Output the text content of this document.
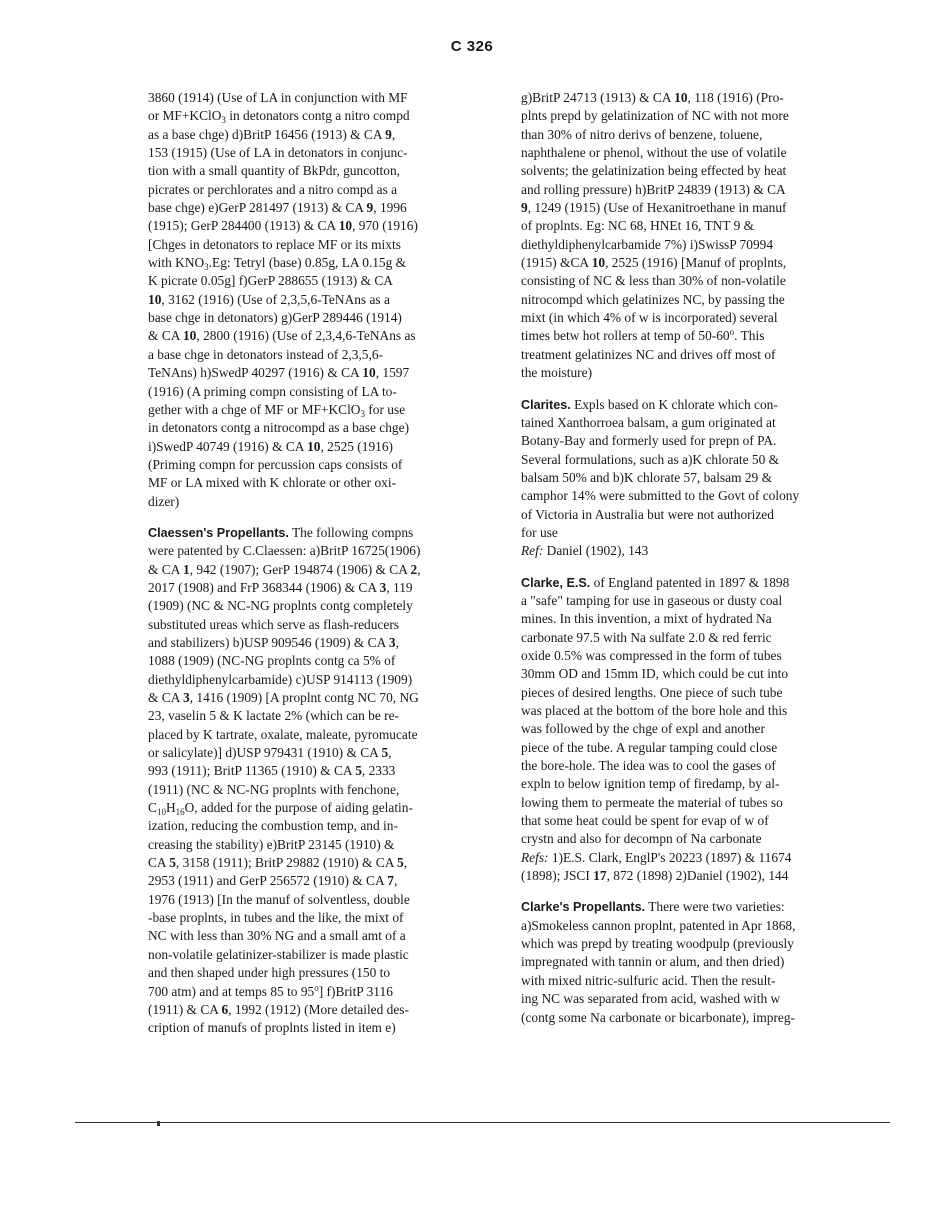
C 326
3860 (1914) (Use of LA in conjunction with MF
or MF+KClO$_3$ in detonators contg a nitro compd
as a base chge) d)BritP 16456 (1913) & CA 9,
153 (1915) (Use of LA in detonators in conjunc-
tion with a small quantity of BkPdr, guncotton,
picrates or perchlorates and a nitro compd as a
base chge) e)GerP 281497 (1913) & CA 9, 1996
(1915); GerP 284400 (1913) & CA 10, 970 (1916)
[Chges in detonators to replace MF or its mixts
with $KNO_3.Eg$: Tetryl (base) 0.85g, LA 0.15g &
K picrate 0.05g] f)GerP 288655 (1913) & CA
10, 3162 (1916) (Use of 2,3,5,6-TeNAns as a
base chge in detonators) g)GerP 289446 (1914)
& CA 10, 2800 (1916) (Use of 2,3,4,6-TeNAns as
a base chge in detonators instead of 2,3,5,6-
TeNAns) h)SwedP 40297 (1916) & CA 10, 1597
(1916) (A priming compn consisting of LA to-
gether with a chge of MF or MF+KClO$_3$ for use
in detonators contg a nitrocompd as a base chge)
i)SwedP 40749 (1916) & CA 10, 2525 (1916)
(Priming compn for percussion caps consists of
MF or LA mixed with K chlorate or other oxi-
dizer)
Claessen's Propellants. The following compns
were patented by C.Claessen: a)BritP 16725(1906)
& CA 1, 942 (1907); GerP 194874 (1906) & CA 2,
2017 (1908) and FrP 368344 (1906) & CA 3, 119
(1909) (NC & NC-NG proplnts contg completely
substituted ureas which serve as flash-reducers
and stabilizers) b)USP 909546 (1909) & CA 3,
1088 (1909) (NC-NG proplnts contg ca 5% of
diethyldiphenylcarbamide) c)USP 914113 (1909)
& CA 3, 1416 (1909) [A proplnt contg NC 70, NG
23, vaselin 5 & K lactate 2% (which can be re-
placed by K tartrate, oxalate, maleate, pyromucate
or salicylate)] d)USP 979431 (1910) & CA 5,
993 (1911); BritP 11365 (1910) & CA 5, 2333
(1911) (NC & NC-NG proplnts with fenchone,
$C_{10}H_{16}O$, added for the purpose of aiding gelatin-
ization, reducing the combustion temp, and in-
creasing the stability) e)BritP 23145 (1910) &
CA 5, 3158 (1911); BritP 29882 (1910) & CA 5,
2953 (1911) and GerP 256572 (1910) & CA 7,
1976 (1913) [In the manuf of solventless, double
-base proplnts, in tubes and the like, the mixt of
NC with less than 30% NG and a small amt of a
non-volatile gelatinizer-stabilizer is made plastic
and then shaped under high pressures (150 to
700 atm) and at temps 85 to 95$^o$] f)BritP 3116
(1911) & CA 6, 1992 (1912) (More detailed des-
cription of manufs of proplnts listed in item e)
g)BritP 24713 (1913) & CA 10, 118 (1916) (Pro-
plnts prepd by gelatinization of NC with not more
than 30% of nitro derivs of benzene, toluene,
naphthalene or phenol, without the use of volatile
solvents; the gelatinization being effected by heat
and rolling pressure) h)BritP 24839 (1913) & CA
9, 1249 (1915) (Use of Hexanitroethane in manuf
of proplnts. Eg: NC 68, HNEt 16, TNT 9 &
diethyldiphenylcarbamide 7%) i)SwissP 70994
(1915) &CA 10, 2525 (1916) [Manuf of proplnts,
consisting of NC & less than 30% of non-volatile
nitrocompd which gelatinizes NC, by passing the
mixt (in which 4% of w is incorporated) several
times betw hot rollers at temp of 50-60$^o$. This
treatment gelatinizes NC and drives off most of
the moisture)
Clarites. Expls based on K chlorate which con-
tained Xanthorroea balsam, a gum originated at
Botany-Bay and formerly used for prepn of PA.
Several formulations, such as a)K chlorate 50 &
balsam 50% and b)K chlorate 57, balsam 29 &
camphor 14% were submitted to the Govt of colony
of Victoria in Australia but were not authorized
for use
Ref: Daniel (1902), 143
Clarke, E.S. of England patented in 1897 & 1898
a "safe" tamping for use in gaseous or dusty coal
mines. In this invention, a mixt of hydrated Na
carbonate 97.5 with Na sulfate 2.0 & red ferric
oxide 0.5% was compressed in the form of tubes
30mm OD and 15mm ID, which could be cut into
pieces of desired lengths. One piece of such tube
was placed at the bottom of the bore hole and this
was followed by the chge of expl and another
piece of the tube. A regular tamping could close
the bore-hole. The idea was to cool the gases of
expln to below ignition temp of firedamp, by al-
lowing them to permeate the material of tubes so
that some heat could be spent for evap of w of
crystn and also for decompn of Na carbonate
Refs: 1)E.S. Clark, EnglP's 20223 (1897) & 11674
(1898); JSCI 17, 872 (1898) 2)Daniel (1902), 144
Clarke's Propellants. There were two varieties:
a)Smokeless cannon proplnt, patented in Apr 1868,
which was prepd by treating woodpulp (previously
impregnated with tannin or alum, and then dried)
with mixed nitric-sulfuric acid. Then the result-
ing NC was separated from acid, washed with w
(contg some Na carbonate or bicarbonate), impreg-
